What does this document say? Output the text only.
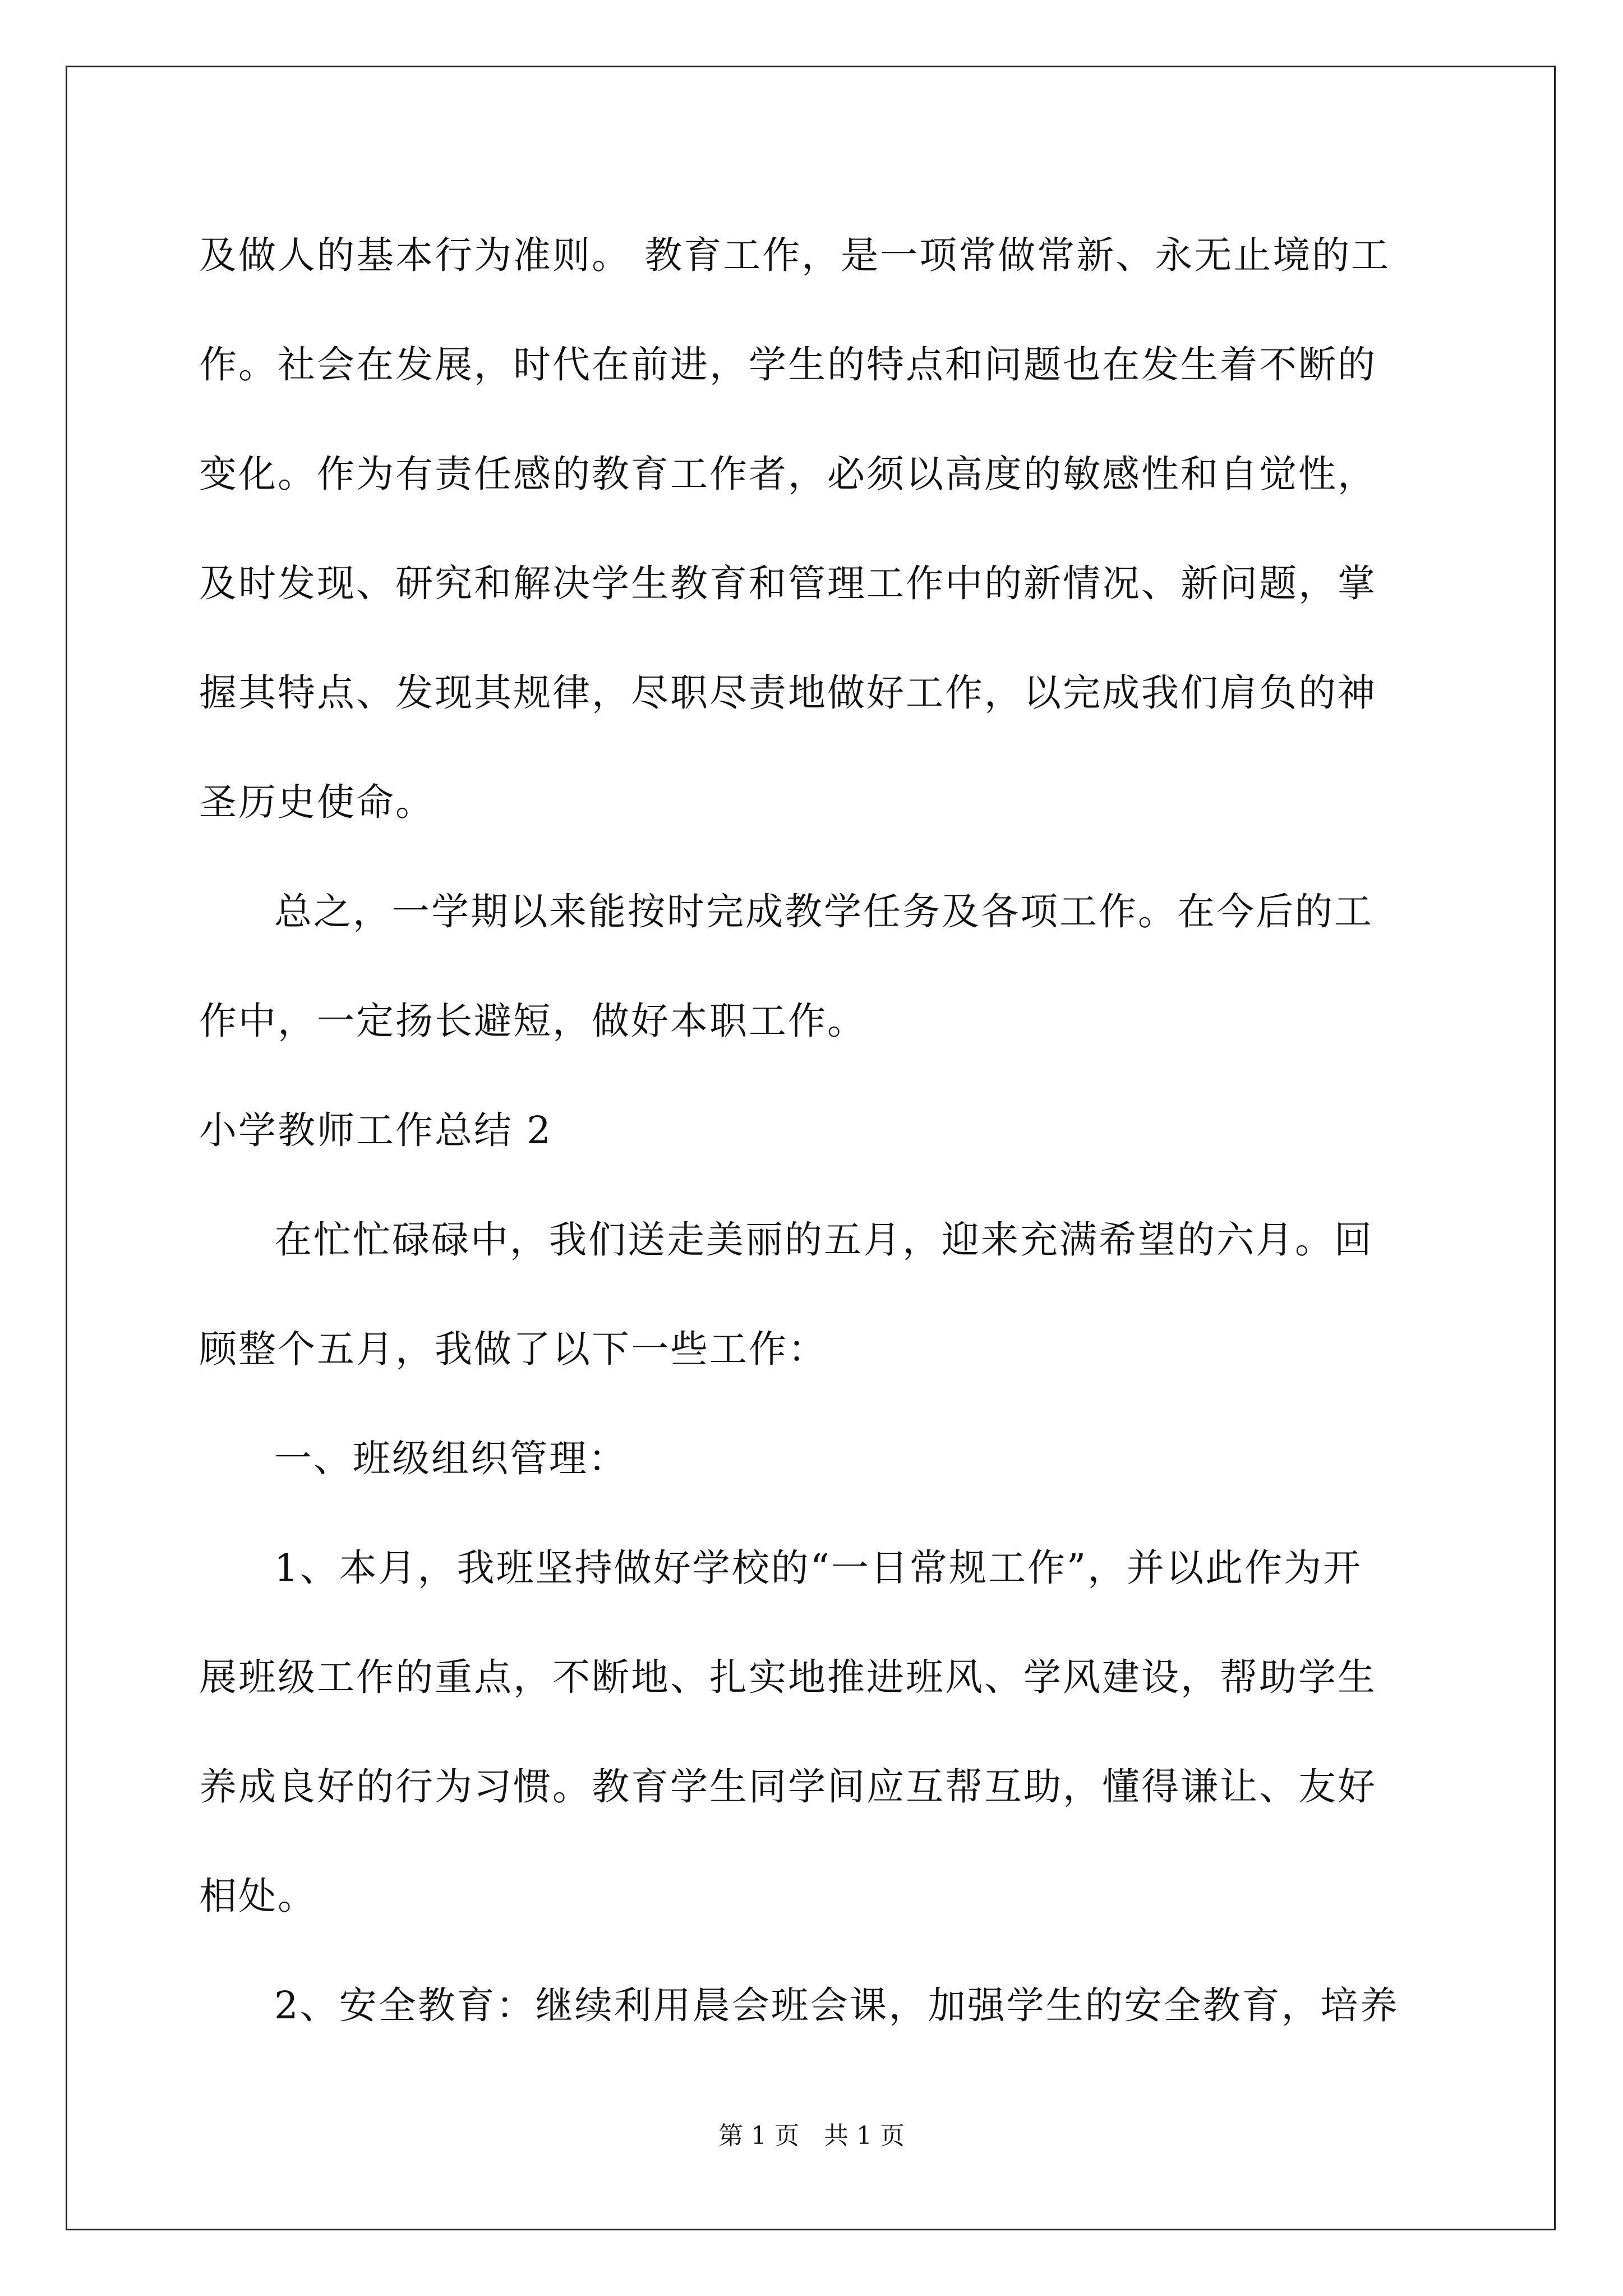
及做人的基本行为准则。 教育工作，是一项常做常新、永无止境的工
作。社会在发展，时代在前进，学生的特点和问题也在发生着不断的
变化。作为有责任感的教育工作者，必须以高度的敏感性和自觉性，
及时发现、研究和解决学生教育和管理工作中的新情况、新问题，掌
握其特点、发现其规律，尽职尽责地做好工作，以完成我们肩负的神
圣历史使命。
总之，一学期以来能按时完成教学任务及各项工作。在今后的工
作中，一定扬长避短，做好本职工作。
小学教师工作总结 2
在忙忙碌碌中，我们送走美丽的五月，迎来充满希望的六月。回
顾整个五月，我做了以下一些工作：
一、班级组织管理：
1、本月，我班坚持做好学校的“一日常规工作”，并以此作为开
展班级工作的重点，不断地、扎实地推进班风、学风建设，帮助学生
养成良好的行为习惯。教育学生同学间应互帮互助，懂得谦让、友好
相处。
2、安全教育：继续利用晨会班会课，加强学生的安全教育，培养
第 1 页　共 1 页
